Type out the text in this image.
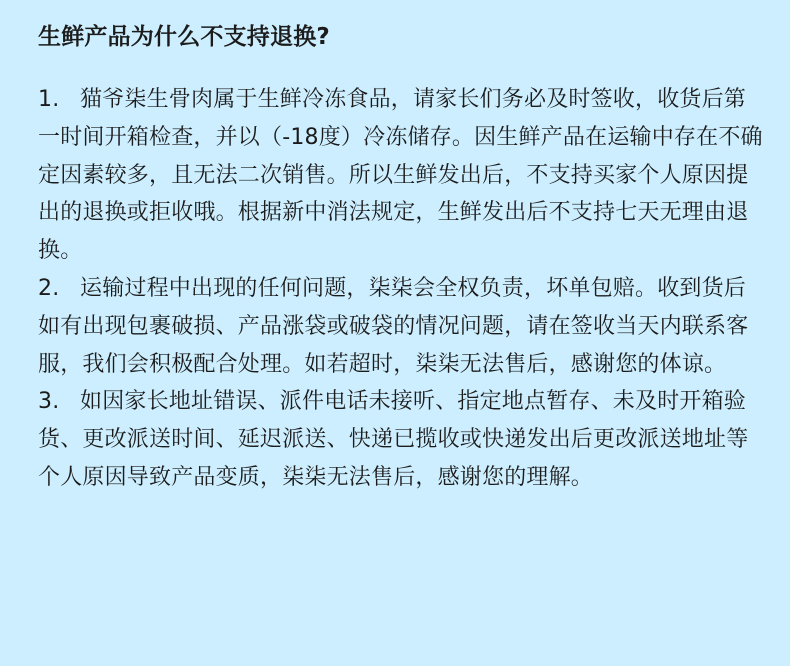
生鲜产品为什么不支持退换?
1. 猫爷柒生骨肉属于生鲜冷冻食品，请家长们务必及时签收，收货后第一时间开箱检查，并以（-18度）冷冻储存。因生鲜产品在运输中存在不确定因素较多，且无法二次销售。所以生鲜发出后，不支持买家个人原因提出的退换或拒收哦。根据新中消法规定，生鲜发出后不支持七天无理由退换。
2. 运输过程中出现的任何问题，柒柒会全权负责，坏单包赔。收到货后如有出现包裹破损、产品涨袋或破袋的情况问题，请在签收当天内联系客服，我们会积极配合处理。如若超时，柒柒无法售后，感谢您的体谅。
3. 如因家长地址错误、派件电话未接听、指定地点暂存、未及时开箱验货、更改派送时间、延迟派送、快递已揽收或快递发出后更改派送地址等个人原因导致产品变质，柒柒无法售后，感谢您的理解。
